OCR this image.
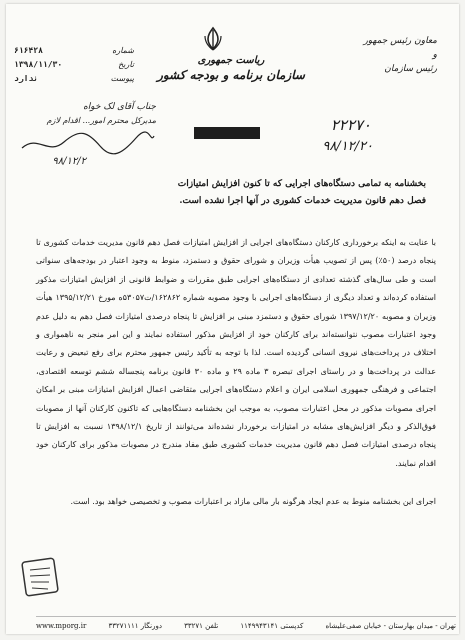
شماره
۶۱۶۴۲۸
تاریخ
۱۳۹۸/۱۱/۳۰
پیوست
ندارد
ریاست جمهوری
سازمان برنامه و بودجه کشور
معاون رئیس جمهور
و
رئیس سازمان
جناب آقای لک خواه
مدیرکل محترم امور... اقدام لازم
۹۸/۱۲/۲
۲۲۲۷۰
۹۸/۱۲/۲۰
بخشنامه به تمامی دستگاه‌های اجرایی که تا کنون افزایش امتیازات
فصل دهم قانون مدیریت خدمات کشوری در آنها اجرا نشده است.

با عنایت به اینکه برخورداری کارکنان دستگاه‌های اجرایی از افزایش امتیازات فصل دهم قانون مدیریت خدمات کشوری تا پنجاه درصد (۵۰٪) پس از تصویب هیأت وزیران و شورای حقوق و دستمزد، منوط به وجود اعتبار در بودجه‌های سنواتی است و طی سال‌های گذشته تعدادی از دستگاه‌های اجرایی طبق مقررات و ضوابط قانونی از افزایش امتیازات مذکور استفاده کرده‌اند و تعداد دیگری از دستگاه‌های اجرایی با وجود مصوبه شماره ۱۶۲۸۶۲/ت۵۳۰۵۷ه مورخ ۱۳۹۵/۱۲/۲۱ هیأت وزیران و مصوبه ۱۳۹۷/۱۲/۲۰ شورای حقوق و دستمزد مبنی بر افزایش تا پنجاه درصدی امتیازات فصل دهم به دلیل عدم وجود اعتبارات مصوب نتوانسته‌اند برای کارکنان خود از افزایش مذکور استفاده نمایند و این امر منجر به ناهمواری و اختلاف در پرداخت‌های نیروی انسانی گردیده است. لذا با توجه به تأکید رئیس جمهور محترم برای رفع تبعیض و رعایت عدالت در پرداخت‌ها و در راستای اجرای تبصره ۳ ماده ۲۹ و ماده ۳۰ قانون برنامه پنجساله ششم توسعه اقتصادی، اجتماعی و فرهنگی جمهوری اسلامی ایران و اعلام دستگاه‌های اجرایی متقاضی اعمال افزایش امتیازات مبنی بر امکان اجرای مصوبات مذکور در محل اعتبارات مصوب، به موجب این بخشنامه دستگاه‌هایی که تاکنون کارکنان آنها از مصوبات فوق‌الذکر و دیگر افزایش‌های مشابه در امتیازات برخوردار نشده‌اند می‌توانند از تاریخ ۱۳۹۸/۱۲/۱ نسبت به افزایش تا پنجاه درصدی امتیازات فصل دهم قانون مدیریت خدمات کشوری طبق مفاد مندرج در مصوبات مذکور برای کارکنان خود اقدام نمایند.

اجرای این بخشنامه منوط به عدم ایجاد هرگونه بار مالی مازاد بر اعتبارات مصوب و تخصیصی خواهد بود. است.

تهران - میدان بهارستان - خیابان صفی‌علیشاه
کدپستی ۱۱۴۹۹۴۳۱۴۱
تلفن ۳۳۲۷۱
دورنگار ۳۳۲۷۱۱۱۱
www.mporg.ir
